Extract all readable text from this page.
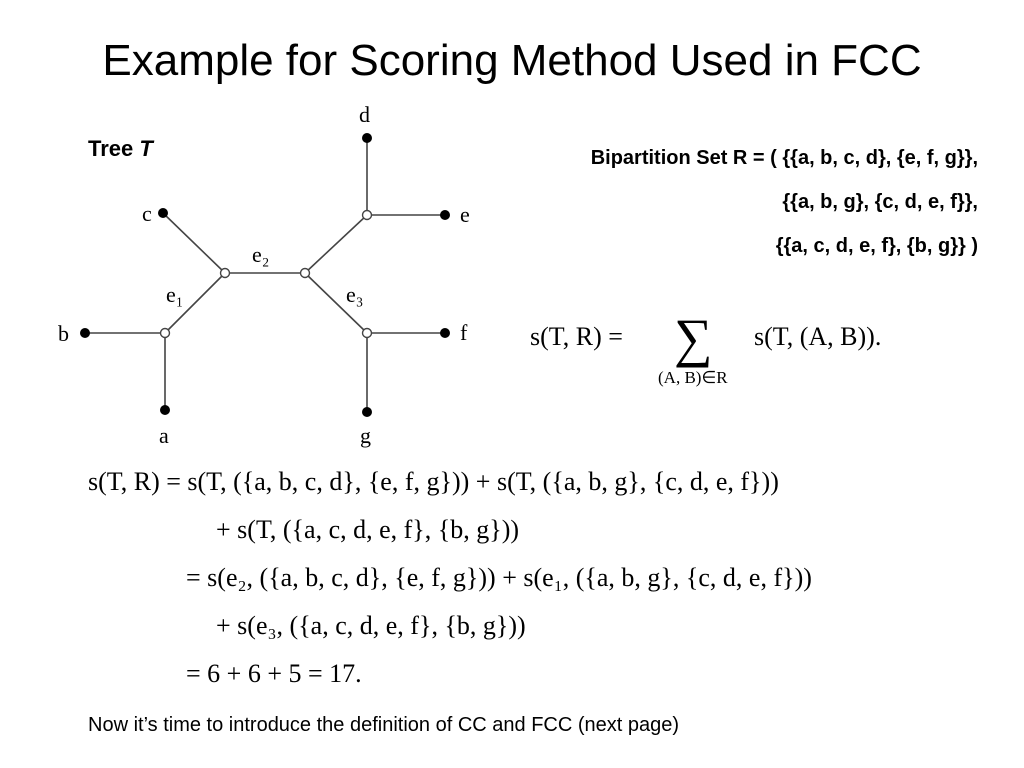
Example for Scoring Method Used in FCC
Tree T
a
b
c
d
e
f
g
e₁
e₂
e₃
s(T, R) = ∑
(A, B)∈R
s(T, (A, B)).
Bipartition Set R = ( {{a, b, c, d}, {e, f, g}},
{{a, b, g}, {c, d, e, f}},
{{a, c, d, e, f}, {b, g}} )
s(T, R) = s(T, ({a, b, c, d}, {e, f, g})) + s(T, ({a, b, g}, {c, d, e, f}))
+ s(T, ({a, c, d, e, f}, {b, g}))
= s(e₂, ({a, b, c, d}, {e, f, g})) + s(e₁, ({a, b, g}, {c, d, e, f}))
+ s(e₃, ({a, c, d, e, f}, {b, g}))
= 6 + 6 + 5 = 17.
Now it’s time to introduce the definition of CC and FCC (next page)
